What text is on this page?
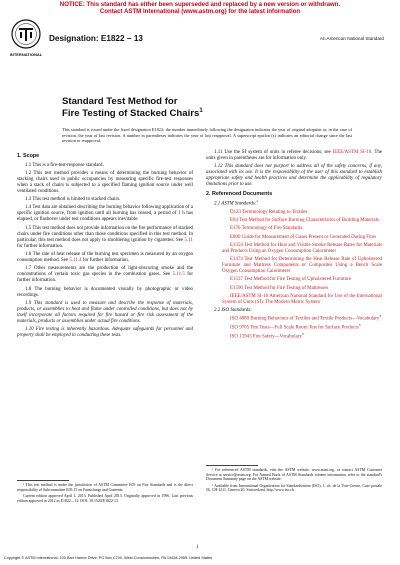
NOTICE: This standard has either been superseded and replaced by a new version or withdrawn.
Contact ASTM International (www.astm.org) for the latest information
INTERNATIONAL
Designation: E1822 − 13	An American National Standard
Standard Test Method for
Fire Testing of Stacked Chairs$^1$
This standard is issued under the fixed designation E1822; the number immediately following the designation indicates the year of original adoption or, in the case of revision, the year of last revision. A number in parentheses indicates the year of last reapproval. A superscript epsilon (ε) indicates an editorial change since the last revision or reapproval.
1. Scope

1.1 This is a fire-test-response standard.

1.2 This test method provides a means of determining the burning behavior of stacking chairs used in public occupancies by measuring specific fire-test responses when a stack of chairs is subjected to a specified flaming ignition source under well ventilated conditions.

1.3 This test method is limited to stacked chairs.

1.4 Test data are obtained describing the burning behavior following application of a specific ignition source, from ignition until all burning has ceased, a period of 1 h has elapsed, or flashover under test conditions appears inevitable.

1.5 This test method does not provide information on the fire performance of stacked chairs under fire conditions other than those conditions specified in this test method. In particular, this test method does not apply to smoldering ignition by cigarettes. See 5.11 for further information.

1.6 The rate of heat release of the burning test specimen is measured by an oxygen consumption method. See 5.11.4 for further information.

1.7 Other measurements are the production of light-obscuring smoke and the concentrations of certain toxic gas species in the combustion gases. See 5.11.5 for further information.

1.8 The burning behavior is documented visually by photographic or video recordings.

1.9 This standard is used to measure and describe the response of materials, products, or assemblies to heat and flame under controlled conditions, but does not by itself incorporate all factors required for fire hazard or fire risk assessment of the materials, products or assemblies under actual fire conditions.

1.10 Fire testing is inherently hazardous. Adequate safeguards for personnel and property shall be employed in conducting these tests.

¹ This test method is under the jurisdiction of ASTM Committee E05 on Fire Standards and is the direct responsibility of Subcommittee E05.15 on Furnishings and Contents.

Current edition approved April 1, 2013. Published April 2013. Originally approved in 1996. Last previous edition approved in 2012 as E1822 – 12. DOI: 10.1520/E1822-13.

1.11 Use the SI system of units in referee decisions; see IEEE/ASTM SI-10. The units given in parentheses are for information only.

1.12 This standard does not purport to address all of the safety concerns, if any, associated with its use. It is the responsibility of the user of this standard to establish appropriate safety and health practices and determine the applicability of regulatory limitations prior to use.

2. Referenced Documents

2.1 ASTM Standards:$^2$

D123 Terminology Relating to Textiles

E84 Test Method for Surface Burning Characteristics of Building Materials

E176 Terminology of Fire Standards

E800 Guide for Measurement of Gases Present or Generated During Fires

E1354 Test Method for Heat and Visible Smoke Release Rates for Materials and Products Using an Oxygen Consumption Calorimeter

E1474 Test Method for Determining the Heat Release Rate of Upholstered Furniture and Mattress Components or Composites Using a Bench Scale Oxygen Consumption Calorimeter

E1537 Test Method for Fire Testing of Upholstered Furniture

E1590 Test Method for Fire Testing of Mattresses

IEEE/ASTM SI-10 American National Standard for Use of the International System of Units (SI): The Modern Metric System

2.2 ISO Standards:

ISO 4880 Burning Behaviour of Textiles and Textile Products—Vocabulary$^3$

ISO 9705 Fire Tests—Full Scale Room Test for Surface Products$^3$

ISO 13943 Fire Safety—Vocabulary$^3$

² For referenced ASTM standards, visit the ASTM website, www.astm.org, or contact ASTM Customer Service at service@astm.org. For Annual Book of ASTM Standards volume information, refer to the standard's Document Summary page on the ASTM website.

³ Available from International Organization for Standardization (ISO), 1, ch. de la Voie-Creuse, Case postale 56, CH-1211, Geneva 20, Switzerland, http://www.iso.ch.

1
Copyright © ASTM International, 100 Barr Harbor Drive, PO Box C700, West Conshohocken, PA 19428-2959. United States
